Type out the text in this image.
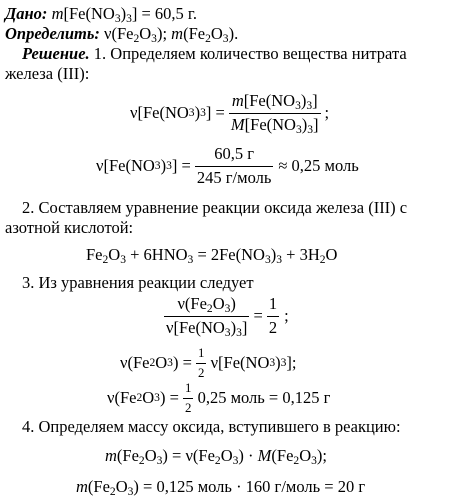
Дано: $m[Fe(NO_3)_3] = 60,5$ г.
Определить: $\nu(Fe_2O_3)$; $m(Fe_2O_3)$.
Решение. 1. Определяем количество вещества нитрата
железа (III):
ν[Fe(NO 3 ) 3 ] = $\frac{m[Fe(NO_3)_3]}{M[Fe(NO_3)_3]}$ ;
ν[Fe(NO 3 ) 3 ] = $\frac{60,5 г}{\text{245 г/моль}} \approx 0,25$ моль
2. Составляем уравнение реакции оксида железа (III) с
азотной кислотой:
$Fe_2O_3 + 6HNO_3 = 2Fe(NO_3)_3 + 3H_2O$
3. Из уравнения реакции следует
$\frac{\nu(Fe_2O_3)}{\nu[Fe(NO_3)_3]} = \frac{1}{2}$ ;
ν(Fe 2 O 3 ) = $\frac{1}{2} \nu[Fe(NO$ 3 ) 3 ];
ν(Fe 2 O 3 ) = $\frac{1}{2} 0,25$ моль = 0,125 г
4. Определяем массу оксида, вступившего в реакцию:
$m(Fe_2O_3) = \nu(Fe_2O_3) \cdot M(Fe_2O_3)$;
$m(Fe_2O_3) = 0,125$ моль · 160 г/моль = 20 г
